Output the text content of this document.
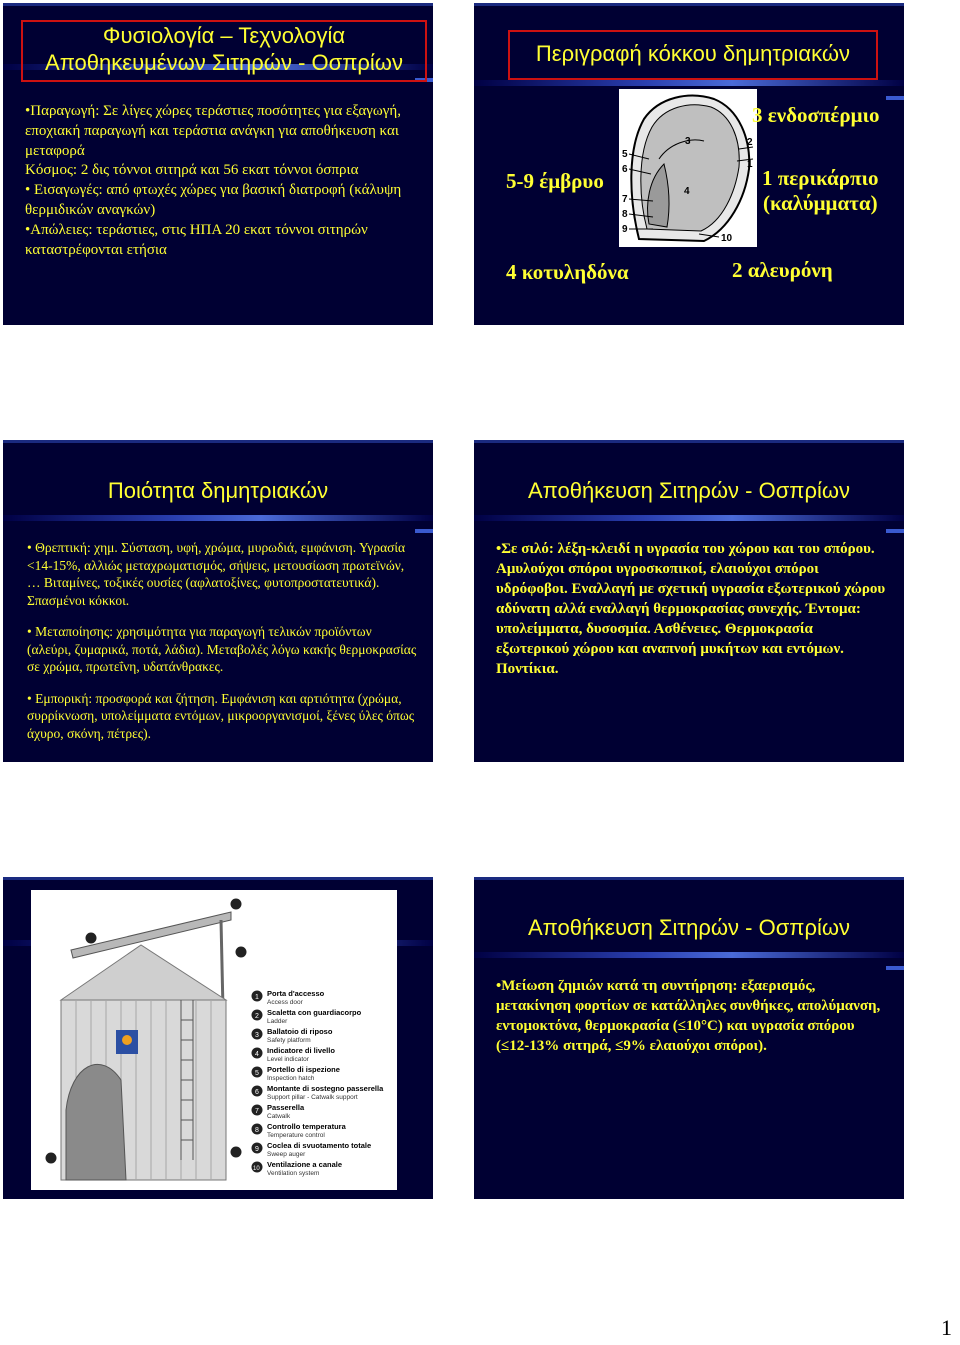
Φυσιολογία – Τεχνολογία
Αποθηκευμένων Σιτηρών - Οσπρίων

•Παραγωγή: Σε λίγες χώρες τεράστιες ποσότητες για εξαγωγή, εποχιακή παραγωγή και τεράστια ανάγκη για αποθήκευση και μεταφορά

Κόσμος: 2 δις τόννοι σιτηρά και 56 εκατ τόννοι όσπρια

• Εισαγωγές: από φτωχές χώρες για βασική διατροφή (κάλυψη θερμιδικών αναγκών)

•Απώλειες: τεράστιες, στις ΗΠΑ 20 εκατ τόννοι σιτηρών καταστρέφονται ετήσια

Περιγραφή κόκκου δημητριακών
5
6
7
8
9
3
4
2
1
10
5-9 έμβρυο
3 ενδοσπέρμιο
1 περικάρπιο
(καλύμματα)
4 κοτυληδόνα	2 αλευρόνη
Ποιότητα δημητριακών

• Θρεπτική: χημ. Σύσταση, υφή, χρώμα, μυρωδιά, εμφάνιση. Υγρασία <14-15%, αλλιώς μεταχρωματισμός, σήψεις, μετουσίωση πρωτεϊνών, … Βιταμίνες, τοξικές ουσίες (αφλατοξίνες, φυτοπροστατευτικά). Σπασμένοι κόκκοι.

• Μεταποίησης: χρησιμότητα για παραγωγή τελικών προϊόντων (αλεύρι, ζυμαρικά, ποτά, λάδια). Μεταβολές λόγω κακής θερμοκρασίας σε χρώμα, πρωτεΐνη, υδατάνθρακες.

• Εμπορική: προσφορά και ζήτηση. Εμφάνιση και αρτιότητα (χρώμα, συρρίκνωση, υπολείμματα εντόμων, μικροοργανισμοί, ξένες ύλες όπως άχυρο, σκόνη, πέτρες).

Αποθήκευση Σιτηρών - Οσπρίων

•Σε σιλό: λέξη-κλειδί η υγρασία του χώρου και του σπόρου. Αμυλούχοι σπόροι υγροσκοπικοί, ελαιούχοι σπόροι υδρόφοβοι. Εναλλαγή με σχετική υγρασία εξωτερικού χώρου αδύνατη αλλά εναλλαγή θερμοκρασίας συνεχής. Έντομα: υπολείμματα, δυσοσμία. Ασθένειες. Θερμοκρασία εξωτερικού χώρου και αναπνοή μυκήτων και εντόμων. Ποντίκια.

Porta d'accesso
Access door
1
Scaletta con guardiacorpo
Ladder
2
Ballatoio di riposo
Safety platform
3
Indicatore di livello
Level indicator
4
Portello di ispezione
Inspection hatch
5
Montante di sostegno passerella
Support pillar - Catwalk support
6
Passerella
Catwalk
7
Controllo temperatura
Temperature control
8
Coclea di svuotamento totale
Sweep auger
9
Ventilazione a canale
Ventilation system
10
Αποθήκευση Σιτηρών - Οσπρίων

•Μείωση ζημιών κατά τη συντήρηση: εξαερισμός, μετακίνηση φορτίων σε κατάλληλες συνθήκες, απολύμανση, εντομοκτόνα, θερμοκρασία (≤10°C) και υγρασία σπόρου (≤12-13% σιτηρά, ≤9% ελαιούχοι σπόροι).

1
